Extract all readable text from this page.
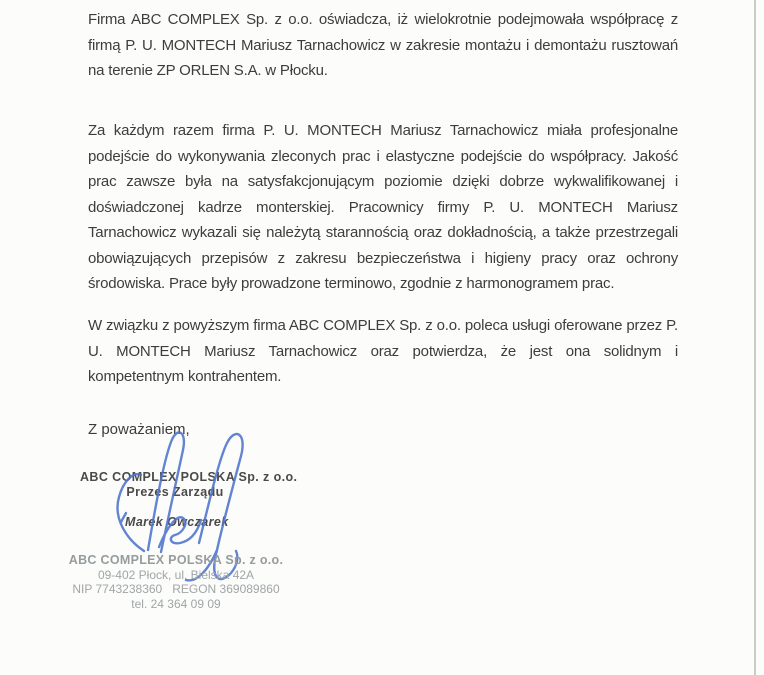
Firma ABC COMPLEX Sp. z o.o. oświadcza, iż wielokrotnie podejmowała współpracę z firmą P. U. MONTECH Mariusz Tarnachowicz w zakresie montażu i demontażu rusztowań na terenie ZP ORLEN S.A. w Płocku.

Za każdym razem firma P. U. MONTECH Mariusz Tarnachowicz miała profesjonalne podejście do wykonywania zleconych prac i elastyczne podejście do współpracy. Jakość prac zawsze była na satysfakcjonującym poziomie dzięki dobrze wykwalifikowanej i doświadczonej kadrze monterskiej. Pracownicy firmy P. U. MONTECH Mariusz Tarnachowicz wykazali się należytą starannością oraz dokładnością, a także przestrzegali obowiązujących przepisów z zakresu bezpieczeństwa i higieny pracy oraz ochrony środowiska. Prace były prowadzone terminowo, zgodnie z harmonogramem prac.

W związku z powyższym firma ABC COMPLEX Sp. z o.o. poleca usługi oferowane przez P. U. MONTECH Mariusz Tarnachowicz oraz potwierdza, że jest ona solidnym i kompetentnym kontrahentem.

Z poważaniem,

ABC COMPLEX POLSKA Sp. z o.o.
Prezes Zarządu
Marek Owczarek
ABC COMPLEX POLSKA Sp. z o.o.
09-402 Płock, ul. Bielska 42A
NIP 7743238360 REGON 369089860
tel. 24 364 09 09
